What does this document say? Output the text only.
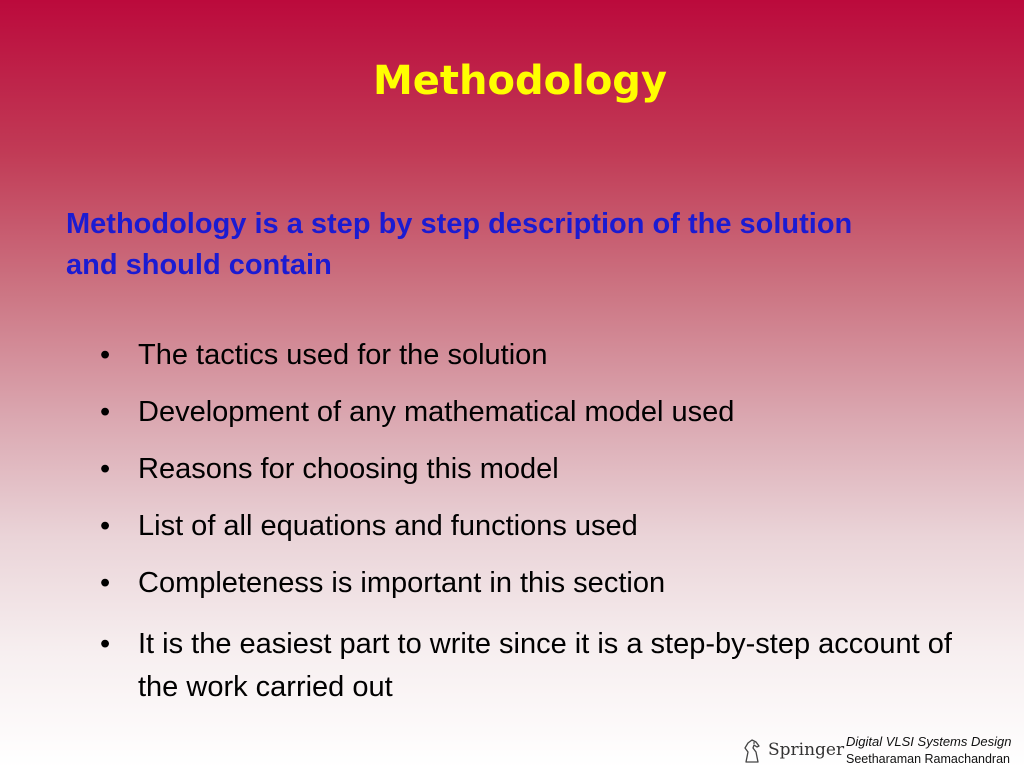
Methodology
Methodology is a step by step description of the solution and should contain
• The tactics used for the solution
• Development of any mathematical model used
• Reasons for choosing this model
• List of all equations and functions used
• Completeness is important in this section
• It is the easiest part to write since it is a step-by-step account of the work carried out
Springer Digital VLSI Systems Design
Seetharaman Ramachandran
